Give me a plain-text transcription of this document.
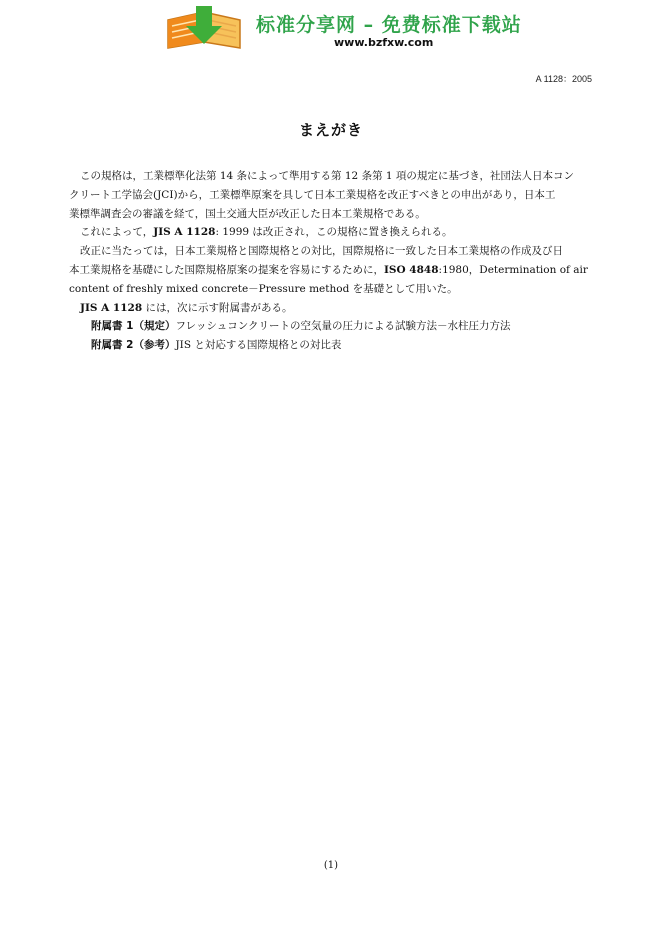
标准分享网 – 免费标准下载站
www.bzfxw.com
A 1128：2005
まえがき
この規格は，工業標準化法第 14 条によって準用する第 12 条第 1 項の規定に基づき，社団法人日本コン
クリート工学協会(JCI)から，工業標準原案を具して日本工業規格を改正すべきとの申出があり，日本工
業標準調査会の審議を経て，国土交通大臣が改正した日本工業規格である。
これによって，JIS A 1128: 1999 は改正され，この規格に置き換えられる。
改正に当たっては，日本工業規格と国際規格との対比，国際規格に一致した日本工業規格の作成及び日
本工業規格を基礎にした国際規格原案の提案を容易にするために，ISO 4848:1980，Determination of air
content of freshly mixed concrete－Pressure method を基礎として用いた。
JIS A 1128 には，次に示す附属書がある。
附属書 1（規定）フレッシュコンクリートの空気量の圧力による試験方法－水柱圧力方法
附属書 2（参考）JIS と対応する国際規格との対比表
(1)
